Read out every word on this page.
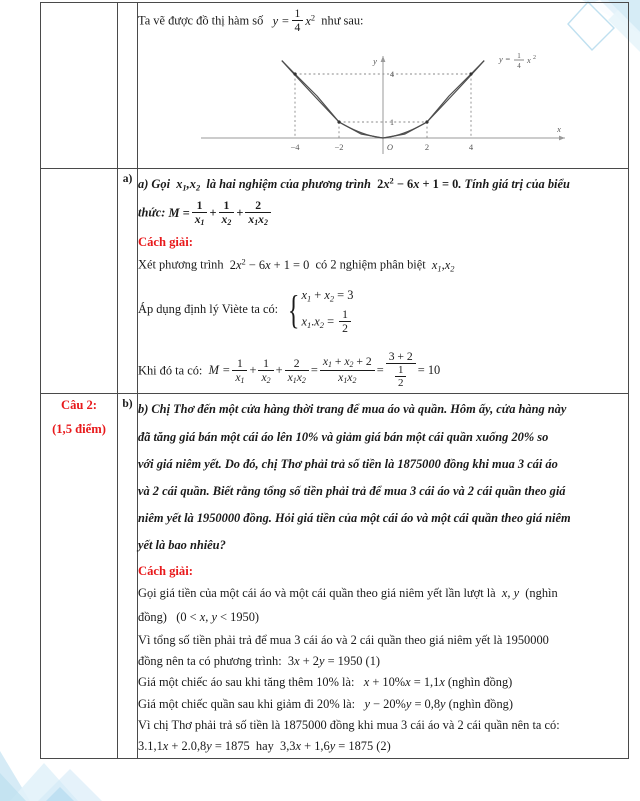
Ta vẽ được đồ thị hàm số $y = \frac{1}{4} x^2$ như sau:
−4	−2	2	4
O
4
1
y
x
y = 1
4
x 2

	a)	a) Gọi $x_1,x_2$ là hai nghiệm của phương trình $2x^2 - 6x + 1 = 0$. Tính giá trị của biểu
thức: $M = \frac{1}{x_1} + \frac{1}{x_2} + \frac{2}{x_1x_2}$
Cách giải:
Xét phương trình $2x^2 - 6x + 1 = 0$ có 2 nghiệm phân biệt $x_1,x_2$
Áp dụng định lý Viète ta có: { $x_1 + x_2 = 3$
$x_1.x_2 = \frac{1}{2}$
Khi đó ta có: $M = \frac{1}{x_1} + \frac{1}{x_2} + \frac{2}{x_1x_2} = \frac{x_1 + x_2 + 2}{x_1x_2} = \frac{3 + 2}{\frac{1}{2}} = 10$

Câu 2:
(1,5 điểm)
	b)	b) Chị Thơ đến một cửa hàng thời trang để mua áo và quần. Hôm ấy, cửa hàng này
đã tăng giá bán một cái áo lên 10% và giảm giá bán một cái quần xuống 20% so
với giá niêm yết. Do đó, chị Thơ phải trả số tiền là 1875000 đồng khi mua 3 cái áo
và 2 cái quần. Biết rằng tổng số tiền phải trả để mua 3 cái áo và 2 cái quần theo giá
niêm yết là 1950000 đồng. Hỏi giá tiền của một cái áo và một cái quần theo giá niêm
yết là bao nhiêu?
Cách giải:
Gọi giá tiền của một cái áo và một cái quần theo giá niêm yết lần lượt là x, y (nghìn
đồng) (0 < x, y < 1950)
Vì tổng số tiền phải trả để mua 3 cái áo và 2 cái quần theo giá niêm yết là 1950000
đồng nên ta có phương trình: 3x + 2y = 1950 (1)
Giá một chiếc áo sau khi tăng thêm 10% là: x + 10%x = 1,1x (nghìn đồng)
Giá một chiếc quần sau khi giảm đi 20% là: y − 20%y = 0,8y (nghìn đồng)
Vì chị Thơ phải trả số tiền là 1875000 đồng khi mua 3 cái áo và 2 cái quần nên ta có:
3.1,1x + 2.0,8y = 1875 hay 3,3x + 1,6y = 1875 (2)
